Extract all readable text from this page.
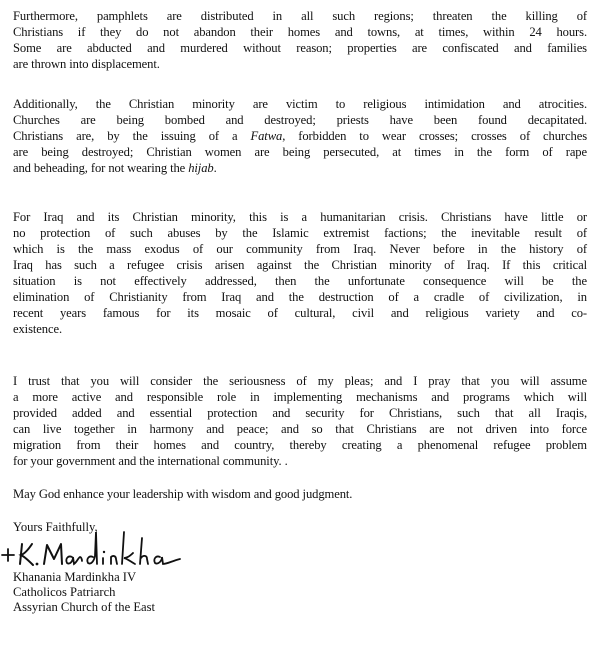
Furthermore, pamphlets are distributed in all such regions; threaten the killing of
Christians if they do not abandon their homes and towns, at times, within 24 hours.
Some are abducted and murdered without reason; properties are confiscated and families
are thrown into displacement.

Additionally, the Christian minority are victim to religious intimidation and atrocities.
Churches are being bombed and destroyed; priests have been found decapitated.
Christians are, by the issuing of a Fatwa, forbidden to wear crosses; crosses of churches
are being destroyed; Christian women are being persecuted, at times in the form of rape
and beheading, for not wearing the hijab.

For Iraq and its Christian minority, this is a humanitarian crisis. Christians have little or
no protection of such abuses by the Islamic extremist factions; the inevitable result of
which is the mass exodus of our community from Iraq. Never before in the history of
Iraq has such a refugee crisis arisen against the Christian minority of Iraq. If this critical
situation is not effectively addressed, then the unfortunate consequence will be the
elimination of Christianity from Iraq and the destruction of a cradle of civilization, in
recent years famous for its mosaic of cultural, civil and religious variety and co-
existence.

I trust that you will consider the seriousness of my pleas; and I pray that you will assume
a more active and responsible role in implementing mechanisms and programs which will
provided added and essential protection and security for Christians, such that all Iraqis,
can live together in harmony and peace; and so that Christians are not driven into force
migration from their homes and country, thereby creating a phenomenal refugee problem
for your government and the international community. .

May God enhance your leadership with wisdom and good judgment.

Yours Faithfully,
Khanania Mardinkha IV
Catholicos Patriarch
Assyrian Church of the East
